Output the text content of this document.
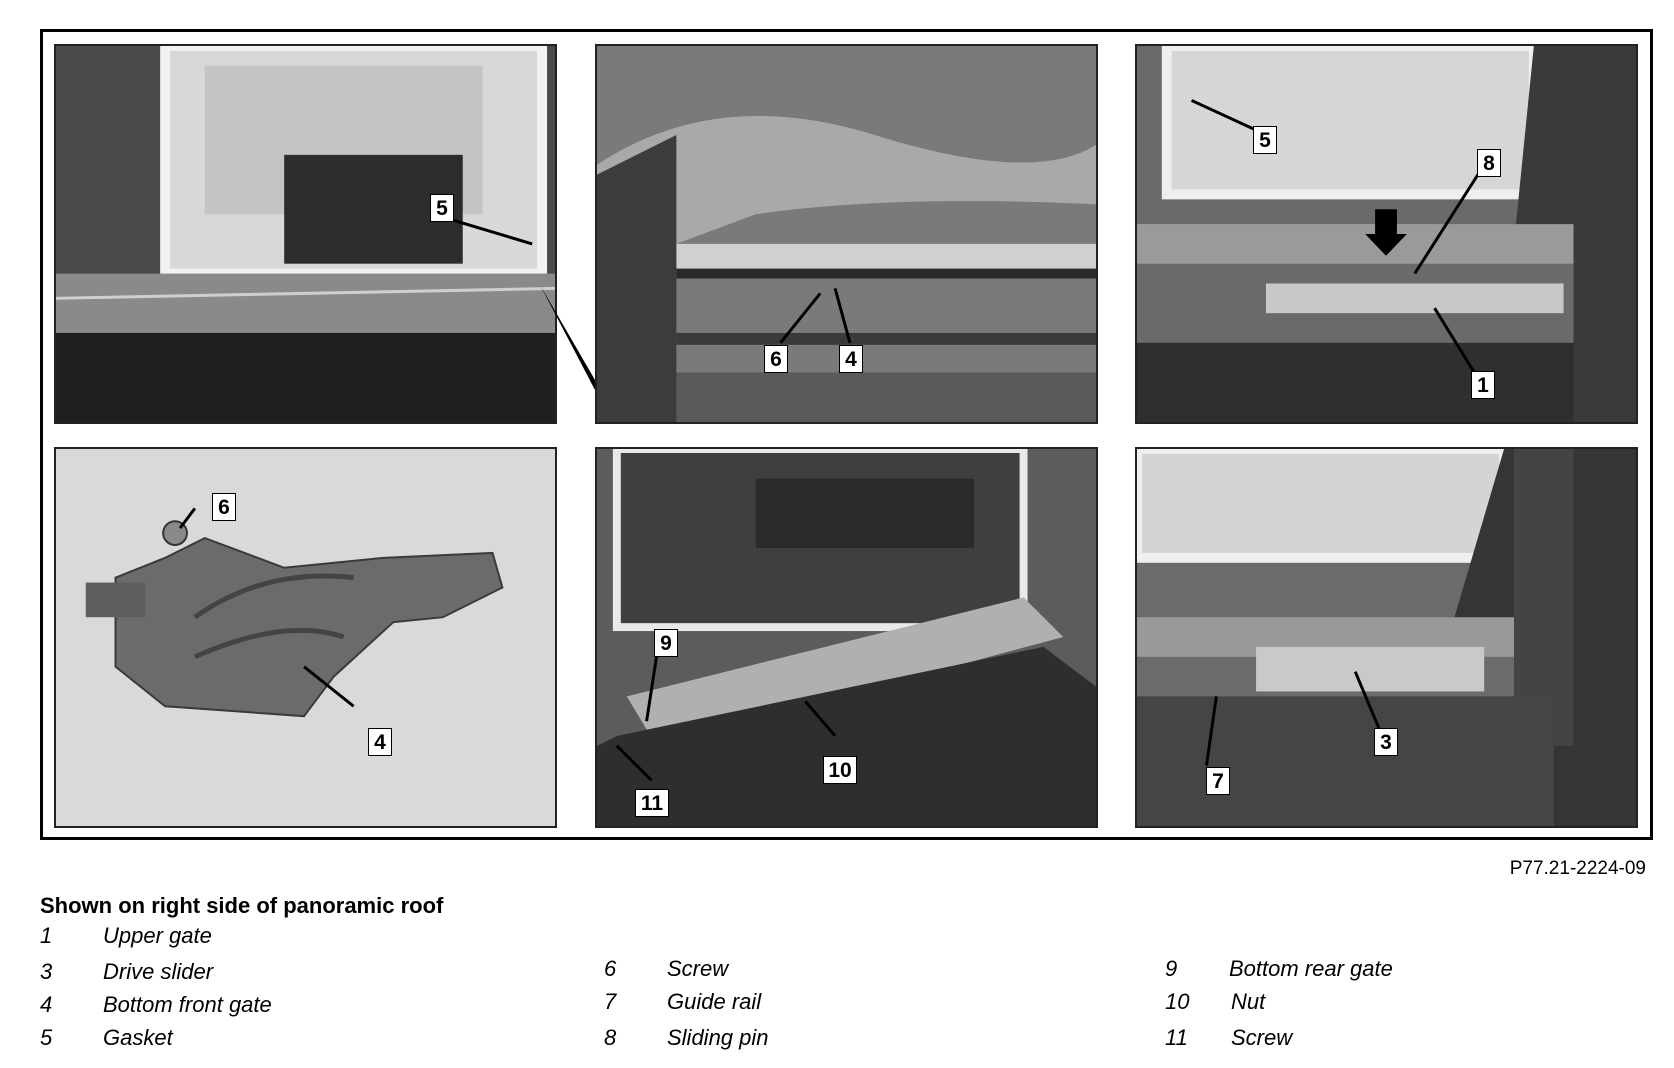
5
6	4
5
8
1
6
4
9
10
11
3
7
P77.21-2224-09
Shown on right side of panoramic roof
1 Upper gate
3 Drive slider
4 Bottom front gate
5 Gasket
6 Screw
7 Guide rail
8 Sliding pin
9 Bottom rear gate
10 Nut
11 Screw
